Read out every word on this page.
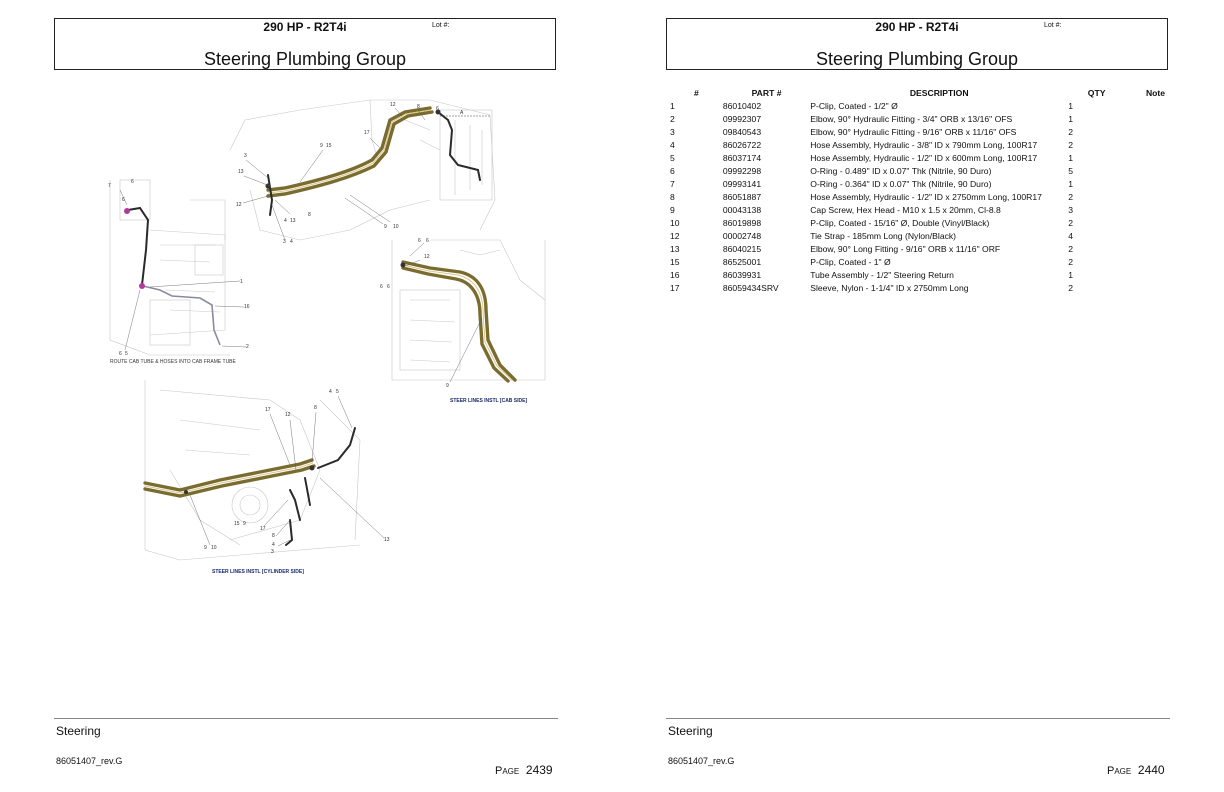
290 HP - R2T4i	Lot #:
Steering Plumbing Group
12	8	6
17
9 15
3
13
12
4 13
8
9 10
3 4
7
6
6
1
16
2
6 5
6 6
12
6 6
9
4 5
17
12
8
13
15 9
17
8
4
3
9 10
A
ROUTE CAB TUBE & HOSES INTO CAB FRAME TUBE
STEER LINES INSTL [CAB SIDE]
STEER LINES INSTL [CYLINDER SIDE]
Steering
86051407_rev.G
Page 2439
290 HP - R2T4i	Lot #:
Steering Plumbing Group
#	PART #	DESCRIPTION	QTY	Note
1	86010402	P-Clip, Coated - 1/2" Ø	1	
2	09992307	Elbow, 90° Hydraulic Fitting - 3/4" ORB x 13/16" OFS	1	
3	09840543	Elbow, 90° Hydraulic Fitting - 9/16" ORB x 11/16" OFS	2	
4	86026722	Hose Assembly, Hydraulic - 3/8" ID x 790mm Long, 100R17	2	
5	86037174	Hose Assembly, Hydraulic - 1/2" ID x 600mm Long, 100R17	1	
6	09992298	O-Ring - 0.489" ID x 0.07" Thk (Nitrile, 90 Duro)	5	
7	09993141	O-Ring - 0.364" ID x 0.07" Thk (Nitrile, 90 Duro)	1	
8	86051887	Hose Assembly, Hydraulic - 1/2" ID x 2750mm Long, 100R17	2	
9	00043138	Cap Screw, Hex Head - M10 x 1.5 x 20mm, Cl-8.8	3	
10	86019898	P-Clip, Coated - 15/16" Ø, Double (Vinyl/Black)	2	
12	00002748	Tie Strap - 185mm Long (Nylon/Black)	4	
13	86040215	Elbow, 90° Long Fitting - 9/16" ORB x 11/16" ORF	2	
15	86525001	P-Clip, Coated - 1" Ø	2	
16	86039931	Tube Assembly - 1/2" Steering Return	1	
17	86059434SRV	Sleeve, Nylon - 1-1/4" ID x 2750mm Long	2	
Steering
86051407_rev.G
Page 2440
